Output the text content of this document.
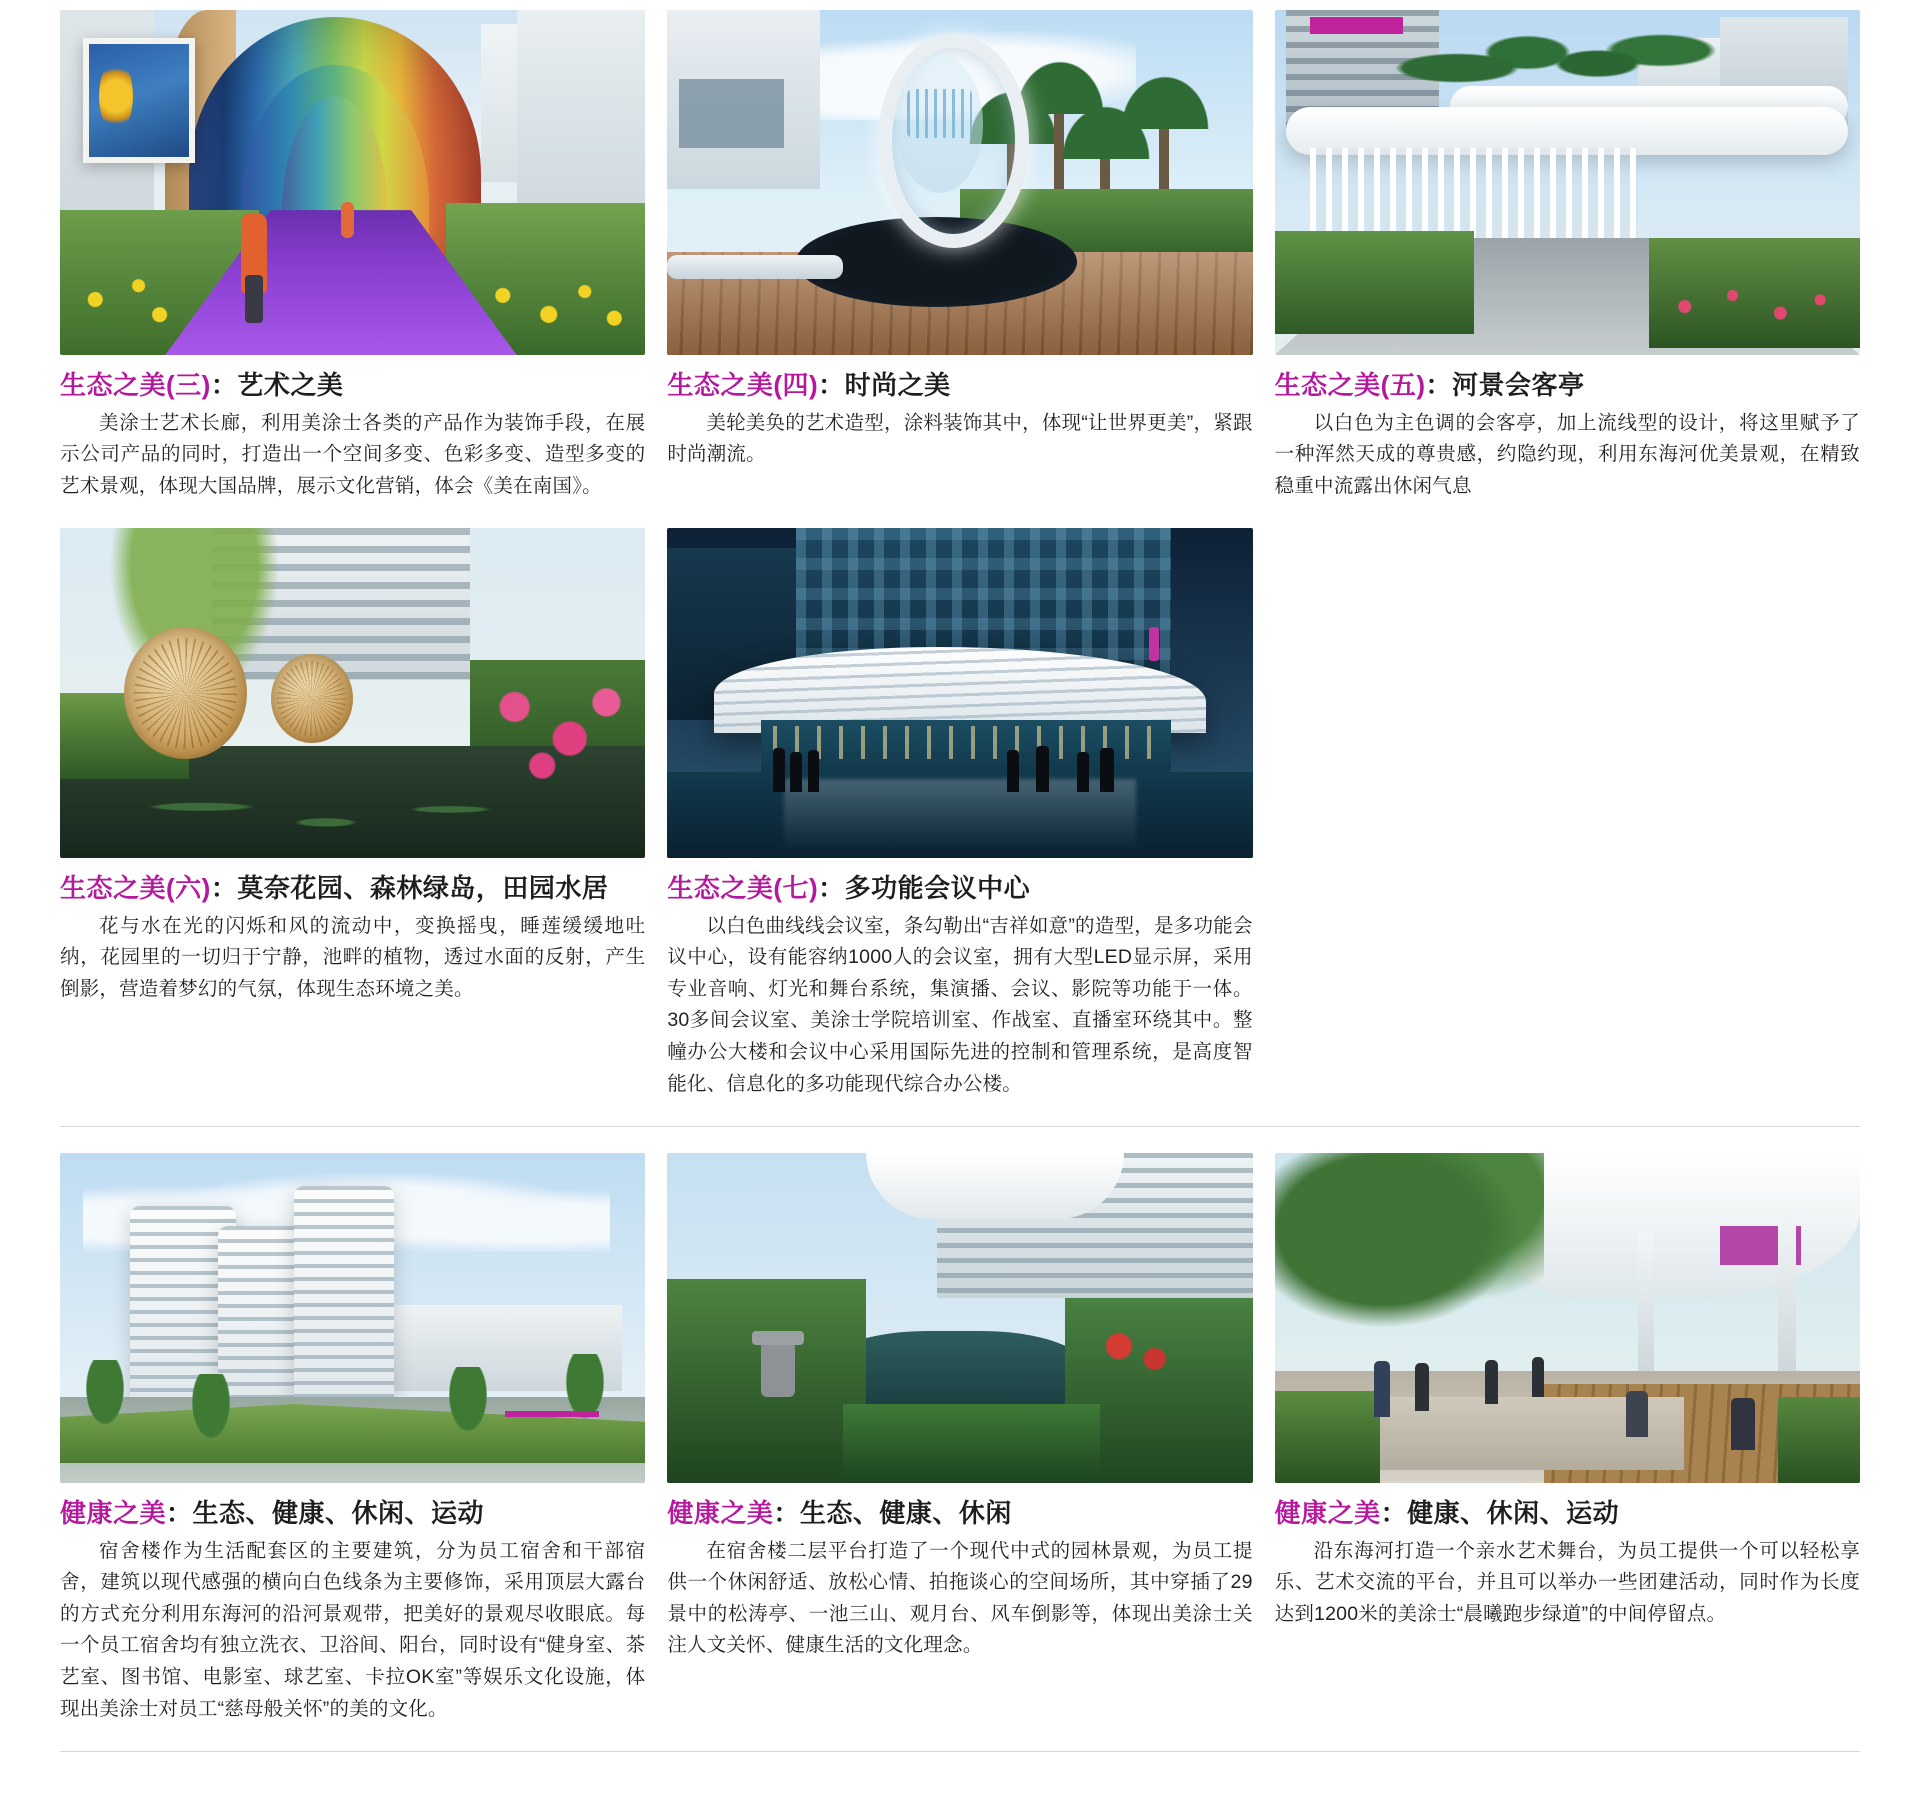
生态之美(三)：艺术之美

美涂士艺术长廊，利用美涂士各类的产品作为装饰手段，在展示公司产品的同时，打造出一个空间多变、色彩多变、造型多变的艺术景观，体现大国品牌，展示文化营销，体会《美在南国》。

生态之美(四)：时尚之美

美轮美奂的艺术造型，涂料装饰其中，体现“让世界更美”，紧跟时尚潮流。

生态之美(五)：河景会客亭

以白色为主色调的会客亭，加上流线型的设计，将这里赋予了一种浑然天成的尊贵感，约隐约现，利用东海河优美景观，在精致稳重中流露出休闲气息

生态之美(六)：莫奈花园、森林绿岛，田园水居

花与水在光的闪烁和风的流动中，变换摇曳，睡莲缓缓地吐纳，花园里的一切归于宁静，池畔的植物，透过水面的反射，产生倒影，营造着梦幻的气氛，体现生态环境之美。

生态之美(七)：多功能会议中心

以白色曲线线会议室，条勾勒出“吉祥如意”的造型，是多功能会议中心，设有能容纳1000人的会议室，拥有大型LED显示屏，采用专业音响、灯光和舞台系统，集演播、会议、影院等功能于一体。30多间会议室、美涂士学院培训室、作战室、直播室环绕其中。整幢办公大楼和会议中心采用国际先进的控制和管理系统，是高度智能化、信息化的多功能现代综合办公楼。

健康之美：生态、健康、休闲、运动

宿舍楼作为生活配套区的主要建筑，分为员工宿舍和干部宿舍，建筑以现代感强的横向白色线条为主要修饰，采用顶层大露台的方式充分利用东海河的沿河景观带，把美好的景观尽收眼底。每一个员工宿舍均有独立洗衣、卫浴间、阳台，同时设有“健身室、茶艺室、图书馆、电影室、球艺室、卡拉OK室”等娱乐文化设施，体现出美涂士对员工“慈母般关怀”的美的文化。

健康之美：生态、健康、休闲

在宿舍楼二层平台打造了一个现代中式的园林景观，为员工提供一个休闲舒适、放松心情、拍拖谈心的空间场所，其中穿插了29景中的松涛亭、一池三山、观月台、风车倒影等，体现出美涂士关注人文关怀、健康生活的文化理念。

健康之美：健康、休闲、运动

沿东海河打造一个亲水艺术舞台，为员工提供一个可以轻松享乐、艺术交流的平台，并且可以举办一些团建活动，同时作为长度达到1200米的美涂士“晨曦跑步绿道”的中间停留点。
